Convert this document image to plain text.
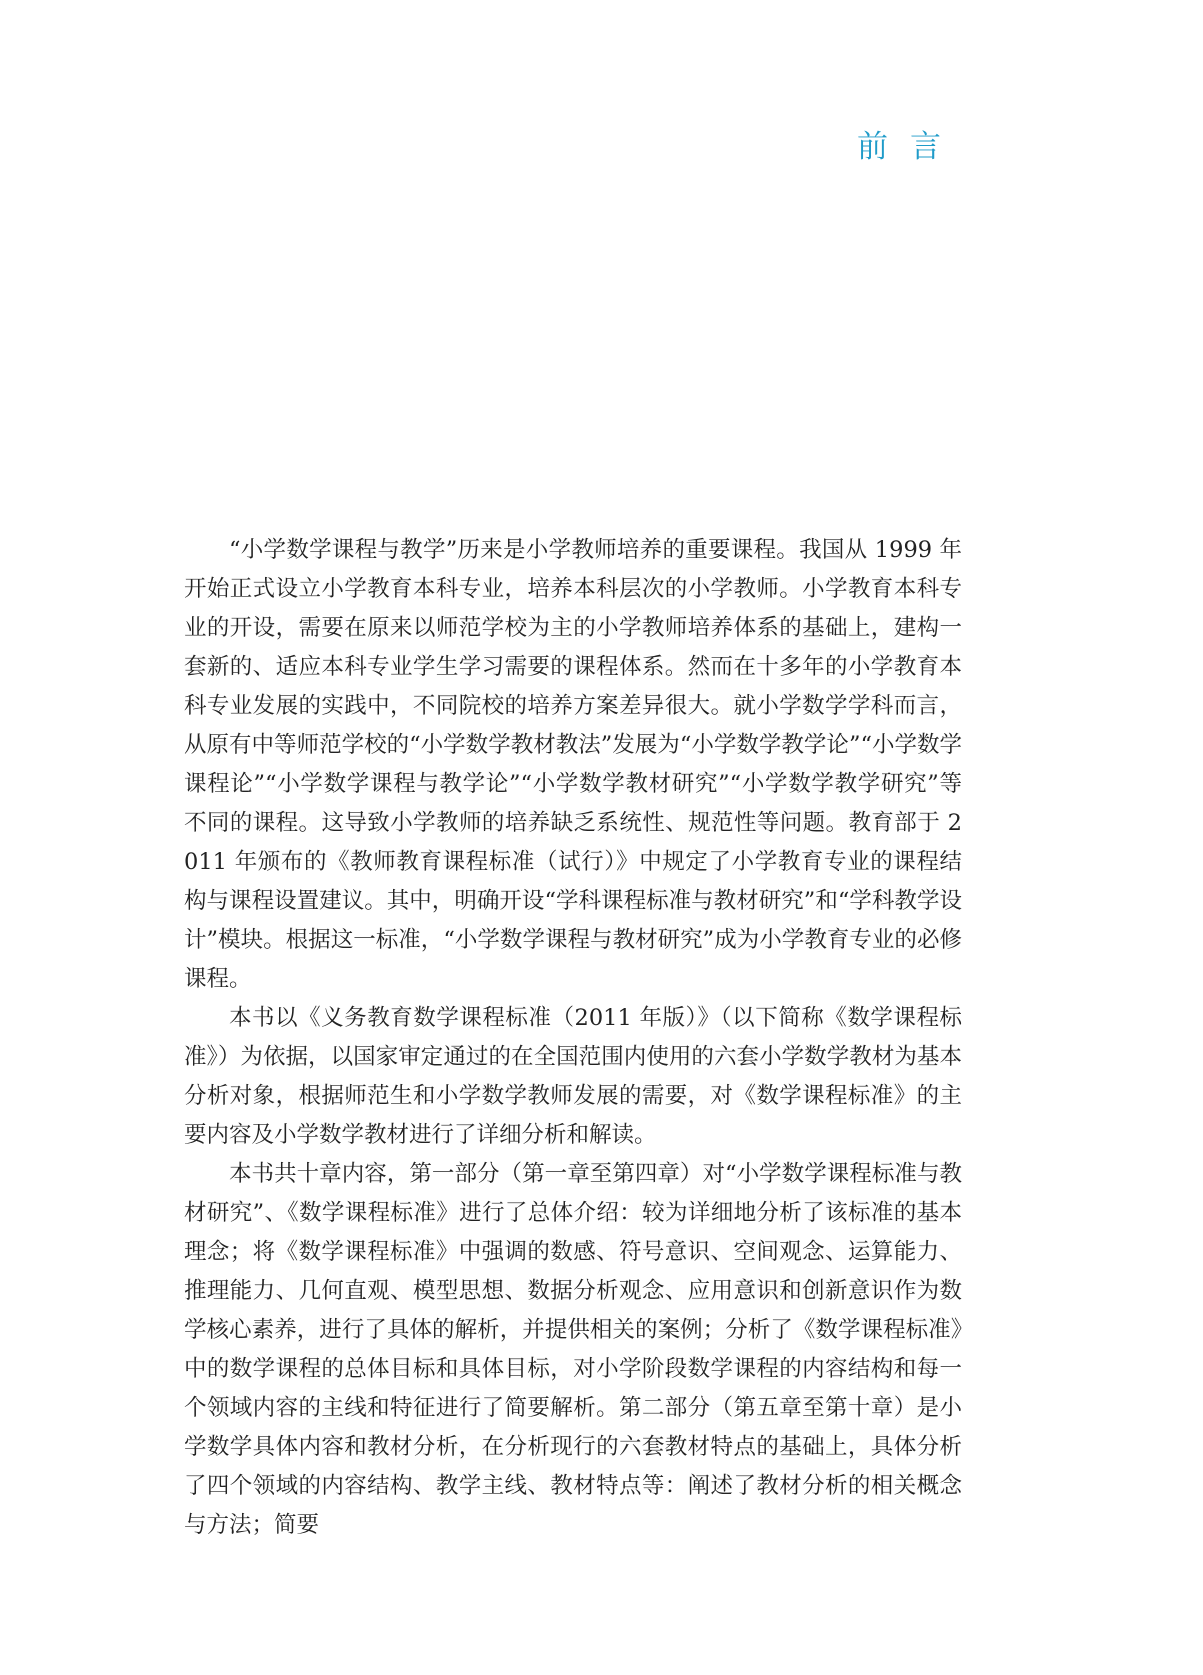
前言

“小学数学课程与教学”历来是小学教师培养的重要课程。我国从 1999 年开始正式设立小学教育本科专业，培养本科层次的小学教师。小学教育本科专业的开设，需要在原来以师范学校为主的小学教师培养体系的基础上，建构一套新的、适应本科专业学生学习需要的课程体系。然而在十多年的小学教育本科专业发展的实践中，不同院校的培养方案差异很大。就小学数学学科而言，从原有中等师范学校的“小学数学教材教法”发展为“小学数学教学论”“小学数学课程论”“小学数学课程与教学论”“小学数学教材研究”“小学数学教学研究”等不同的课程。这导致小学教师的培养缺乏系统性、规范性等问题。教育部于 2011 年颁布的《教师教育课程标准（试行）》中规定了小学教育专业的课程结构与课程设置建议。其中，明确开设“学科课程标准与教材研究”和“学科教学设计”模块。根据这一标准，“小学数学课程与教材研究”成为小学教育专业的必修课程。

本书以《义务教育数学课程标准（2011 年版）》（以下简称《数学课程标准》）为依据，以国家审定通过的在全国范围内使用的六套小学数学教材为基本分析对象，根据师范生和小学数学教师发展的需要，对《数学课程标准》的主要内容及小学数学教材进行了详细分析和解读。

本书共十章内容，第一部分（第一章至第四章）对“小学数学课程标准与教材研究”、《数学课程标准》进行了总体介绍：较为详细地分析了该标准的基本理念；将《数学课程标准》中强调的数感、符号意识、空间观念、运算能力、推理能力、几何直观、模型思想、数据分析观念、应用意识和创新意识作为数学核心素养，进行了具体的解析，并提供相关的案例；分析了《数学课程标准》中的数学课程的总体目标和具体目标，对小学阶段数学课程的内容结构和每一个领域内容的主线和特征进行了简要解析。第二部分（第五章至第十章）是小学数学具体内容和教材分析，在分析现行的六套教材特点的基础上，具体分析了四个领域的内容结构、教学主线、教材特点等：阐述了教材分析的相关概念与方法；简要
